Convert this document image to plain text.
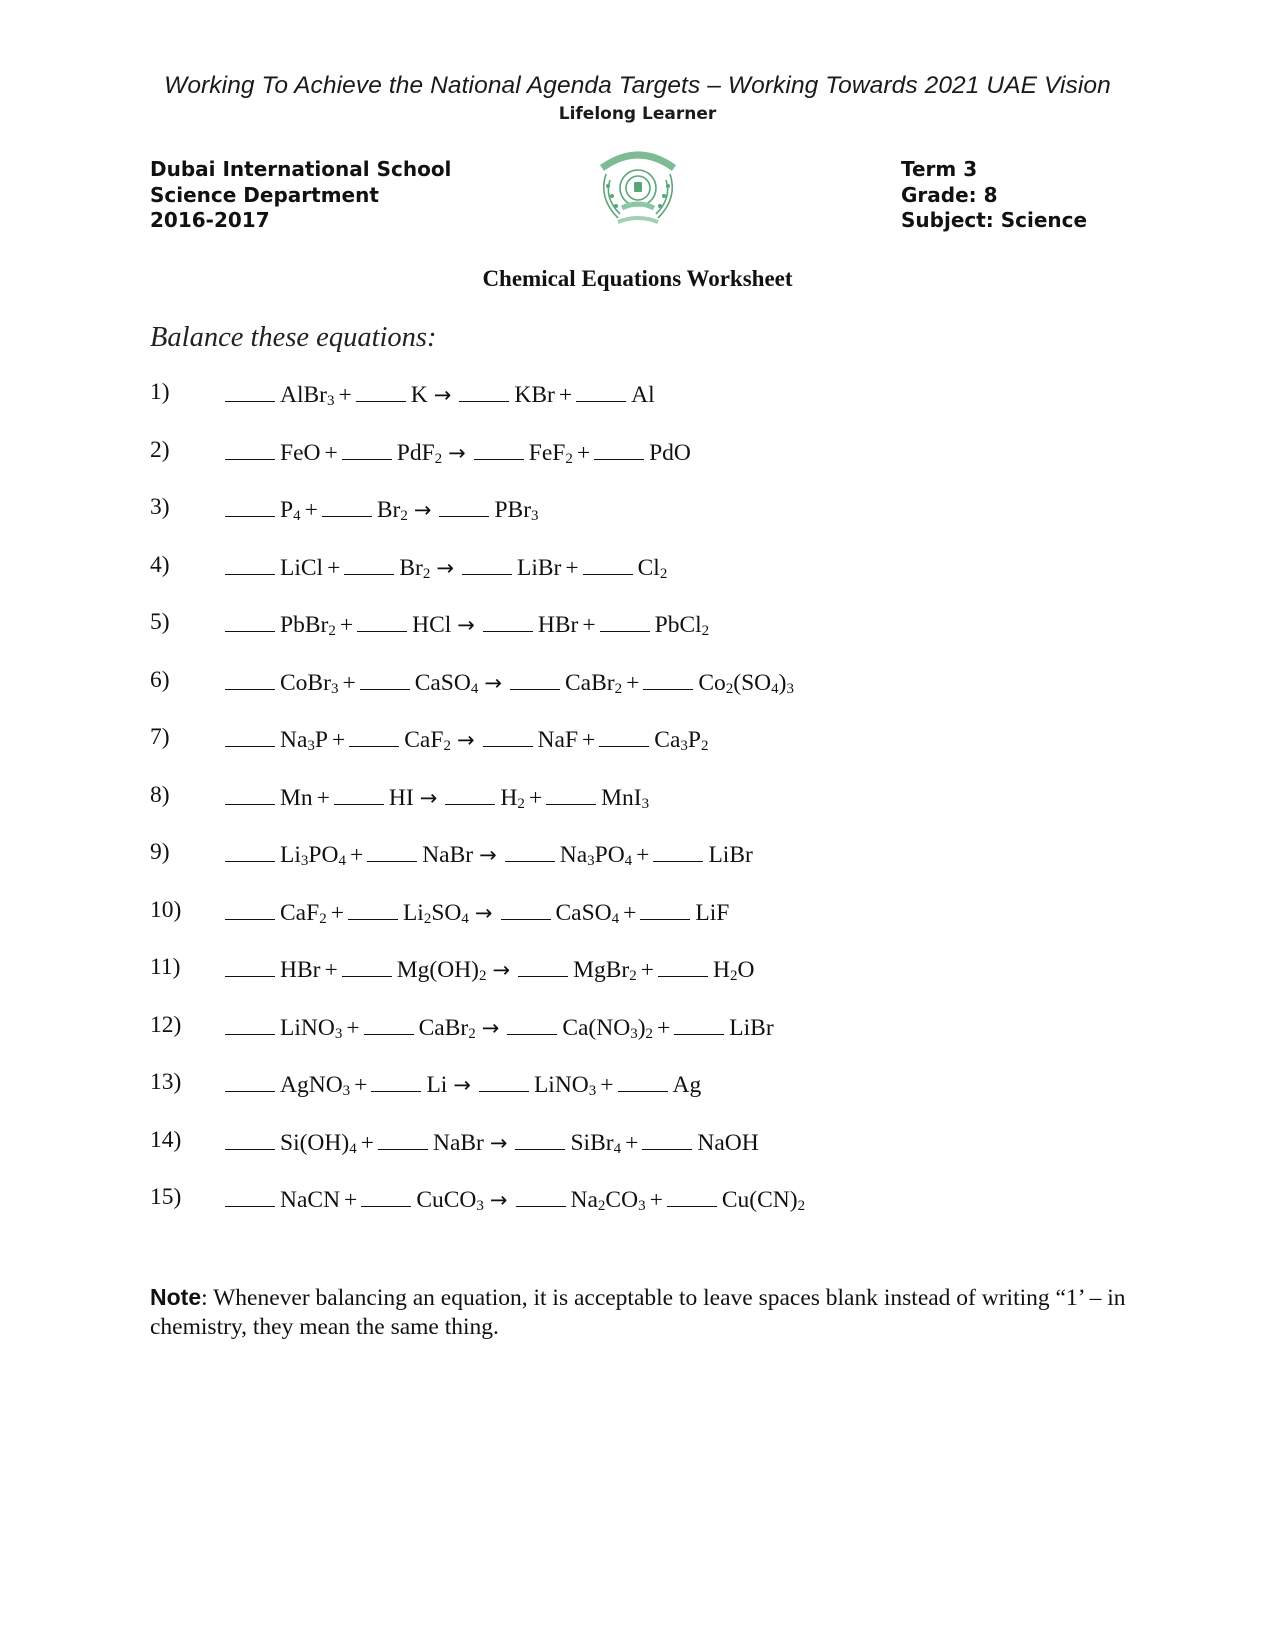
Working To Achieve the National Agenda Targets – Working Towards 2021 UAE Vision
Lifelong Learner
Dubai International School
Science Department
2016-2017
Term 3
Grade: 8
Subject: Science
Chemical Equations Worksheet
Balance these equations:
1)	AlBr$_3$ +	K →	KBr +	Al
2)	FeO +	PdF$_2$ →	FeF$_2$ +	PdO
3)	$P_4$ +	$Br_2$ →	PBr$_3$
4)	LiCl +	$Br_2$ →	LiBr +	$Cl_2$
5)	PbBr$_2$ +	HCl →	HBr +	PbCl$_2$
6)	CoBr$_3$ +	CaSO$_4$ →	CaBr$_2$ +	$Co_2(SO_4)_3$
7)	$Na_3P$ +	CaF$_2$ →	NaF +	$Ca_3P_2$
8)	Mn +	HI →	$H_2$ +	MnI$_3$
9)	$Li_3PO_4$ +	NaBr →	$Na_3PO_4$ +	LiBr
10)	CaF$_2$ +	$Li_2SO_4$ →	CaSO$_4$ +	LiF
11)	HBr +	$Mg(OH)_2$ →	MgBr$_2$ +	$H_2O$
12)	LiNO$_3$ +	CaBr$_2$ →	$Ca(NO_3)_2$ +	LiBr
13)	AgNO$_3$ +	Li →	LiNO$_3$ +	Ag
14)	$Si(OH)_4$ +	NaBr →	SiBr$_4$ +	NaOH
15)	NaCN +	CuCO$_3$ →	$Na_2CO_3$ +	$Cu(CN)_2$
Note: Whenever balancing an equation, it is acceptable to leave spaces blank instead of writing “1’ – in chemistry, they mean the same thing.
